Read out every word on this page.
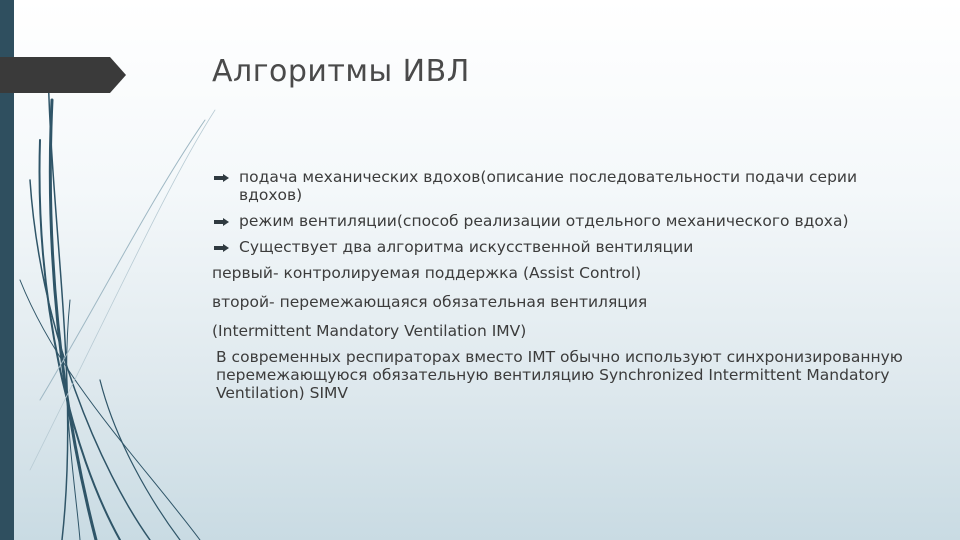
Алгоритмы ИВЛ
подача механических вдохов(описание последовательности подачи серии вдохов)
режим вентиляции(способ реализации отдельного механического вдоха)
Существует два алгоритма искусственной вентиляции
первый- контролируемая поддержка (Assist Control)
второй- перемежающаяся обязательная вентиляция
(Intermittent Mandatory Ventilation IMV)
В современных респираторах вместо IMT обычно используют синхронизированную перемежающуюся обязательную вентиляцию Synchronized Intermittent Mandatory Ventilation) SIMV
